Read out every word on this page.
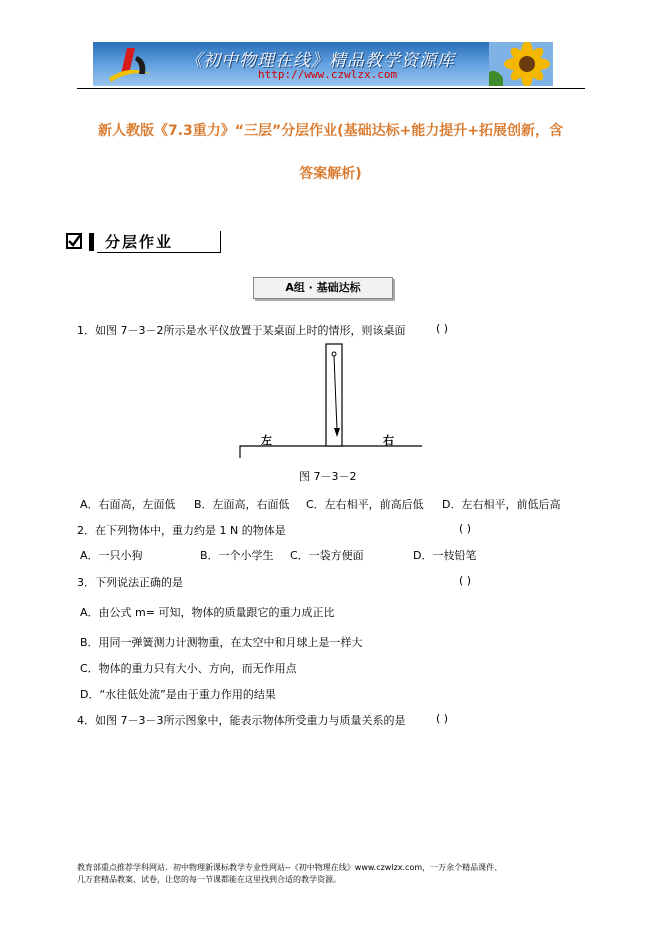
《初中物理在线》精品教学资源库
http://www.czwlzx.com
新人教版《7.3重力》“三层”分层作业(基础达标+能力提升+拓展创新，含
答案解析)
分层作业
A组 · 基础达标
1．如图 7－3－2所示是水平仪放置于某桌面上时的情形，则该桌面	( )
左	右
图 7－3－2
A．右面高，左面低 B．左面高，右面低 C．左右相平，前高后低 D．左右相平，前低后高
2．在下列物体中，重力约是 1 N 的物体是	( )
A．一只小狗	B．一个小学生 C．一袋方便面	D．一枝铅笔
3．下列说法正确的是	( )
A．由公式 m= 可知，物体的质量跟它的重力成正比
B．用同一弹簧测力计测物重，在太空中和月球上是一样大
C．物体的重力只有大小、方向，而无作用点
D．“水往低处流”是由于重力作用的结果
4．如图 7－3－3所示图象中，能表示物体所受重力与质量关系的是	( )
教育部重点推荐学科网站．初中物理新课标教学专业性网站--《初中物理在线》www.czwlzx.com，一万余个精品课件、
几万套精品教案、试卷，让您的每一节课都能在这里找到合适的教学资源。
